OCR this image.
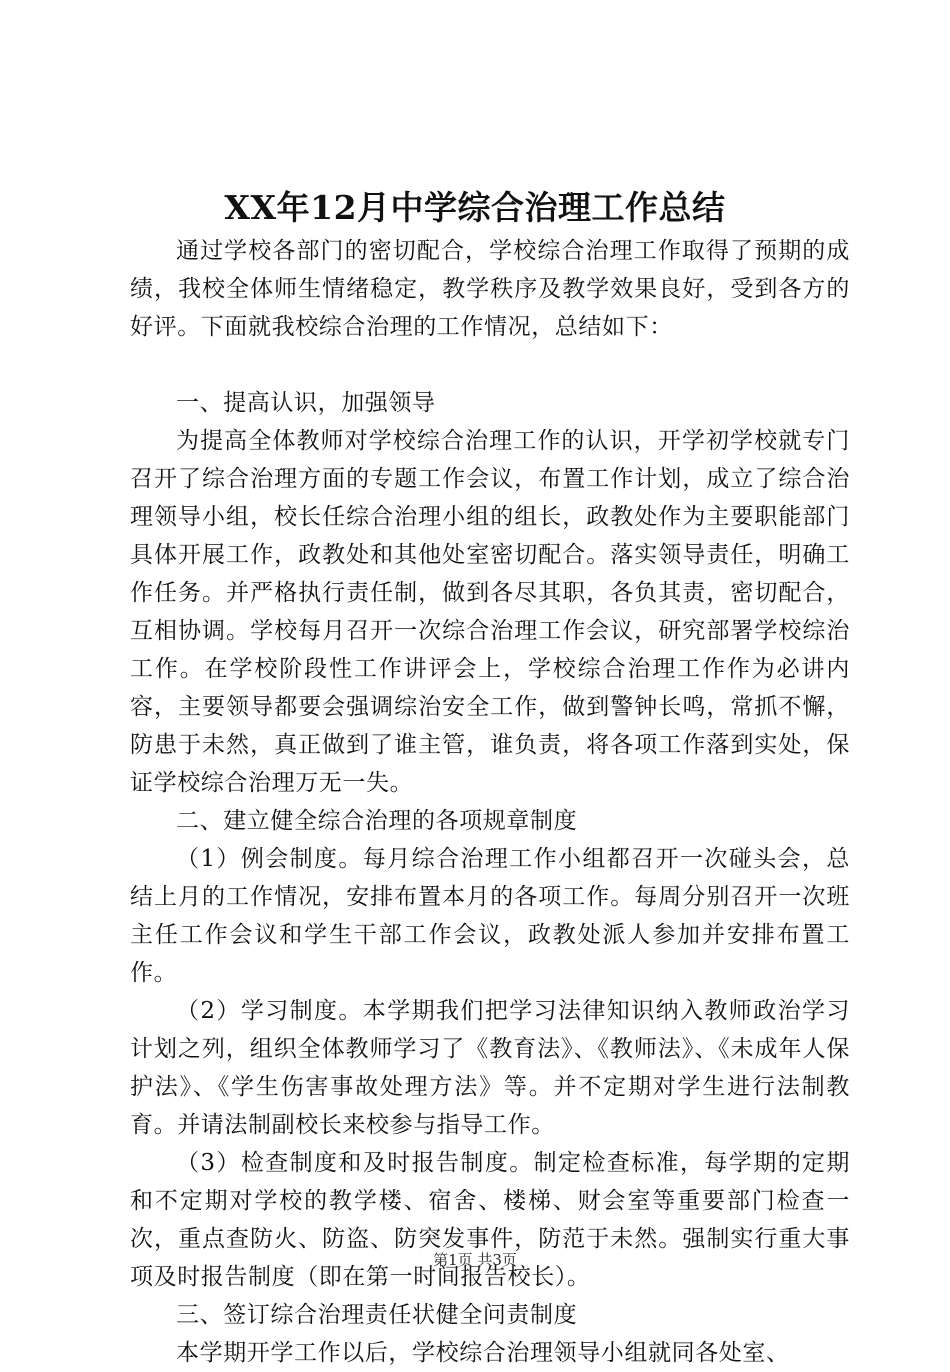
XX年12月中学综合治理工作总结

通过学校各部门的密切配合，学校综合治理工作取得了预期的成绩，我校全体师生情绪稳定，教学秩序及教学效果良好，受到各方的好评。下面就我校综合治理的工作情况，总结如下：

一、提高认识，加强领导

为提高全体教师对学校综合治理工作的认识，开学初学校就专门召开了综合治理方面的专题工作会议，布置工作计划，成立了综合治理领导小组，校长任综合治理小组的组长，政教处作为主要职能部门具体开展工作，政教处和其他处室密切配合。落实领导责任，明确工作任务。并严格执行责任制，做到各尽其职，各负其责，密切配合，互相协调。学校每月召开一次综合治理工作会议，研究部署学校综治工作。在学校阶段性工作讲评会上，学校综合治理工作作为必讲内容，主要领导都要会强调综治安全工作，做到警钟长鸣，常抓不懈，防患于未然，真正做到了谁主管，谁负责，将各项工作落到实处，保证学校综合治理万无一失。

二、建立健全综合治理的各项规章制度

（1）例会制度。每月综合治理工作小组都召开一次碰头会，总结上月的工作情况，安排布置本月的各项工作。每周分别召开一次班主任工作会议和学生干部工作会议，政教处派人参加并安排布置工作。

（2）学习制度。本学期我们把学习法律知识纳入教师政治学习计划之列，组织全体教师学习了《教育法》、《教师法》、《未成年人保护法》、《学生伤害事故处理方法》等。并不定期对学生进行法制教育。并请法制副校长来校参与指导工作。

（3）检查制度和及时报告制度。制定检查标准，每学期的定期和不定期对学校的教学楼、宿舍、楼梯、财会室等重要部门检查一次，重点查防火、防盗、防突发事件，防范于未然。强制实行重大事项及时报告制度（即在第一时间报告校长）。

三、签订综合治理责任状健全问责制度

本学期开学工作以后，学校综合治理领导小组就同各处室、

第1页 共3页
